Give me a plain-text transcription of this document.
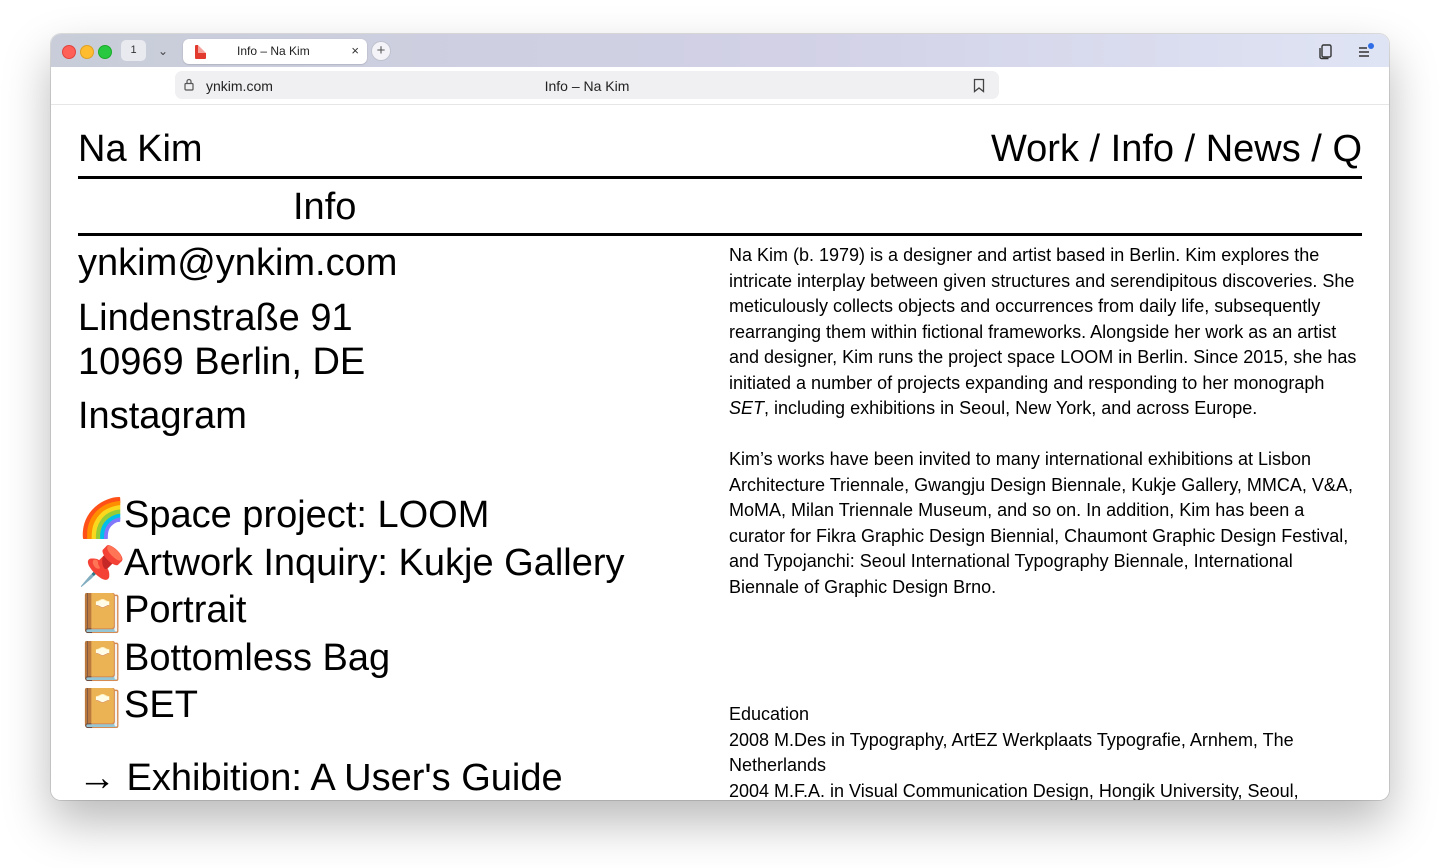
1	⌄	Info – Na Kim	×	+
ynkim.com	Info – Na Kim
Na Kim	Work / Info / News / Q
Info
ynkim@ynkim.com
Lindenstraße 91
10969 Berlin, DE
Instagram
🌈Space project: LOOM
📌Artwork Inquiry: Kukje Gallery
📔Portrait
📔Bottomless Bag
📔SET
→ Exhibition: A User's Guide

Na Kim (b. 1979) is a designer and artist based in Berlin. Kim explores the intricate interplay between given structures and serendipitous discoveries. She meticulously collects objects and occurrences from daily life, subsequently rearranging them within fictional frameworks. Alongside her work as an artist and designer, Kim runs the project space LOOM in Berlin. Since 2015, she has initiated a number of projects expanding and responding to her monograph SET, including exhibitions in Seoul, New York, and across Europe.

Kim’s works have been invited to many international exhibitions at Lisbon Architecture Triennale, Gwangju Design Biennale, Kukje Gallery, MMCA, V&A, MoMA, Milan Triennale Museum, and so on. In addition, Kim has been a curator for Fikra Graphic Design Biennial, Chaumont Graphic Design Festival, and Typojanchi: Seoul International Typography Biennale, International Biennale of Graphic Design Brno.

Education
2008 M.Des in Typography, ArtEZ Werkplaats Typografie, Arnhem, The Netherlands
2004 M.F.A. in Visual Communication Design, Hongik University, Seoul,
